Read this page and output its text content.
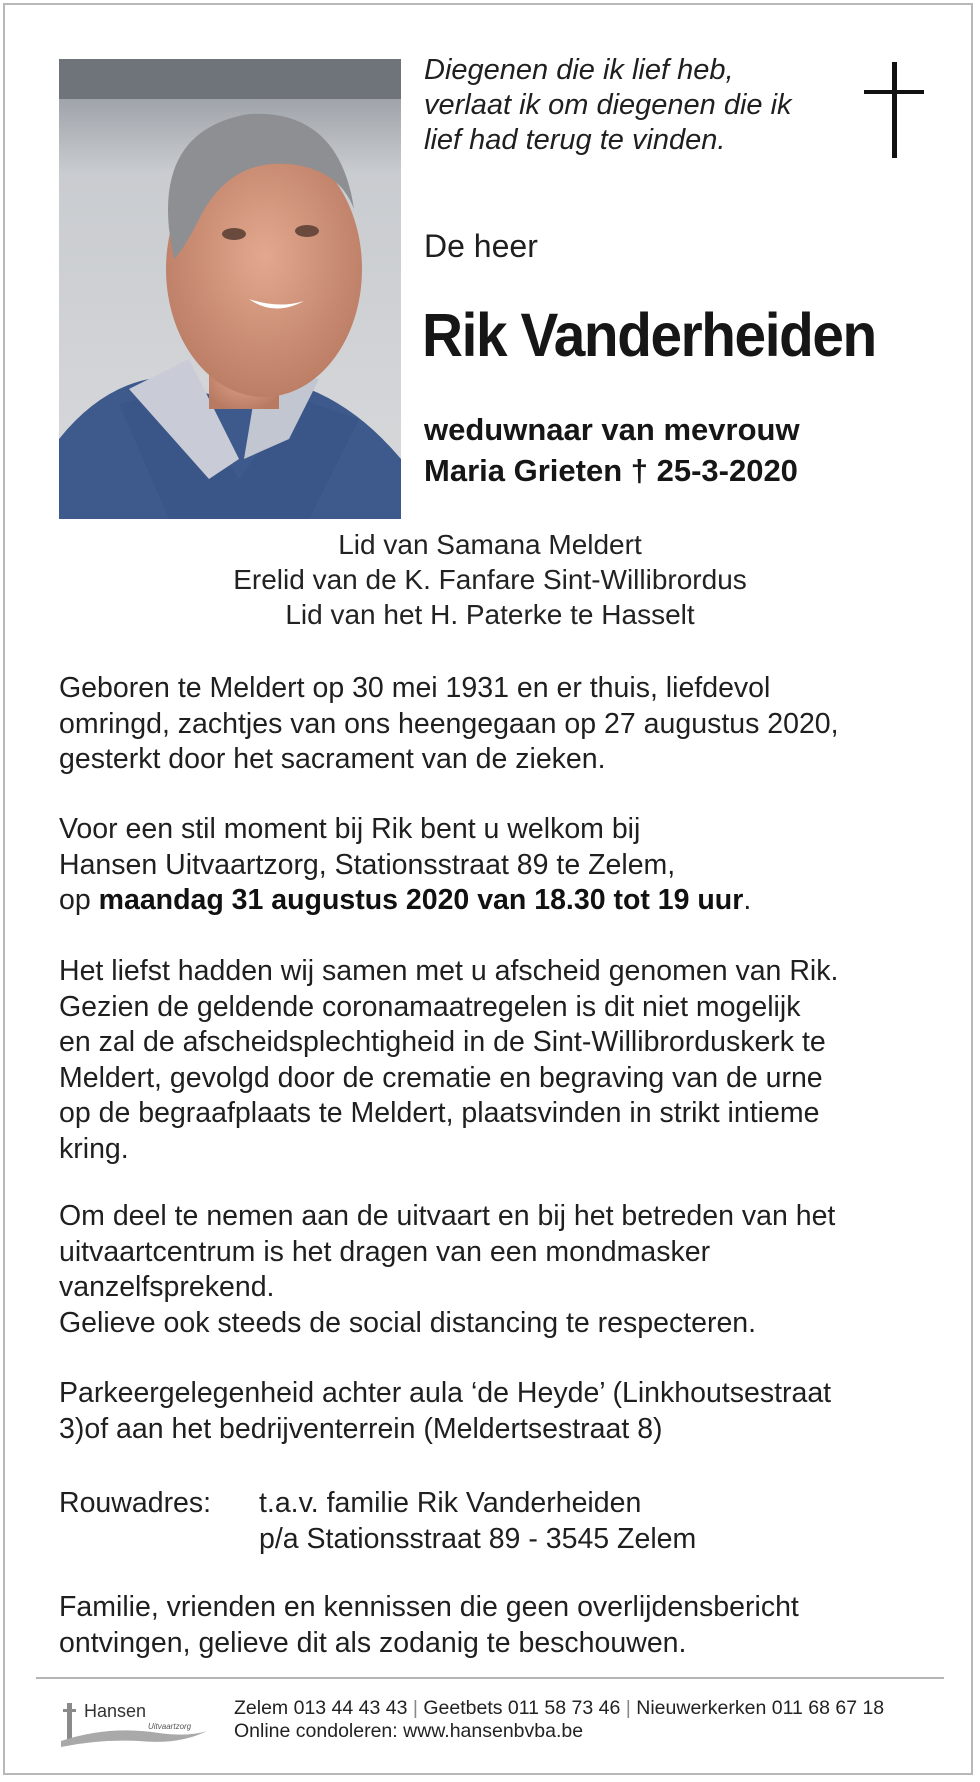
Diegenen die ik lief heb,
verlaat ik om diegenen die ik
lief had terug te vinden.
De heer
Rik Vanderheiden
weduwnaar van mevrouw
Maria Grieten † 25-3-2020
Lid van Samana Meldert
Erelid van de K. Fanfare Sint-Willibrordus
Lid van het H. Paterke te Hasselt
Geboren te Meldert op 30 mei 1931 en er thuis, liefdevol
omringd, zachtjes van ons heengegaan op 27 augustus 2020,
gesterkt door het sacrament van de zieken.
Voor een stil moment bij Rik bent u welkom bij
Hansen Uitvaartzorg, Stationsstraat 89 te Zelem,
op maandag 31 augustus 2020 van 18.30 tot 19 uur.
Het liefst hadden wij samen met u afscheid genomen van Rik.
Gezien de geldende coronamaatregelen is dit niet mogelijk
en zal de afscheidsplechtigheid in de Sint-Willibrorduskerk te
Meldert, gevolgd door de crematie en begraving van de urne
op de begraafplaats te Meldert, plaatsvinden in strikt intieme
kring.
Om deel te nemen aan de uitvaart en bij het betreden van het
uitvaartcentrum is het dragen van een mondmasker
vanzelfsprekend.
Gelieve ook steeds de social distancing te respecteren.
Parkeergelegenheid achter aula ‘de Heyde’ (Linkhoutsestraat
3)of aan het bedrijventerrein (Meldertsestraat 8)
Rouwadres: t.a.v. familie Rik Vanderheiden
p/a Stationsstraat 89 - 3545 Zelem
Familie, vrienden en kennissen die geen overlijdensbericht
ontvingen, gelieve dit als zodanig te beschouwen.
Hansen
Uitvaartzorg
Zelem 013 44 43 43 | Geetbets 011 58 73 46 | Nieuwerkerken 011 68 67 18
Online condoleren: www.hansenbvba.be
